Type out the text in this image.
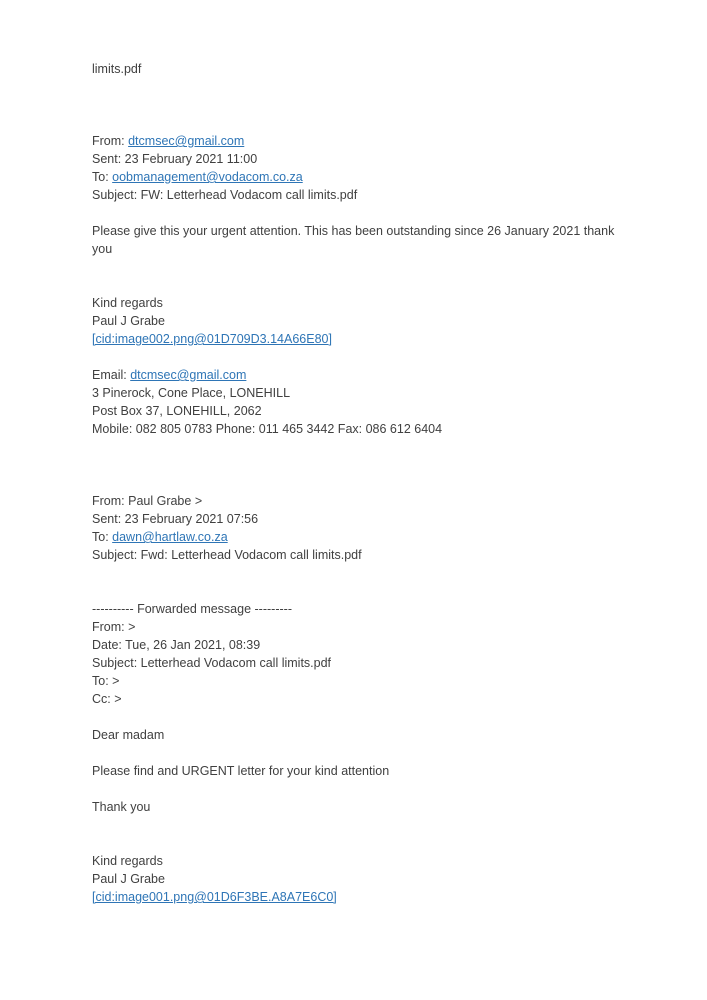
limits.pdf
From: dtcmsec@gmail.com
Sent: 23 February 2021 11:00
To: oobmanagement@vodacom.co.za
Subject: FW: Letterhead Vodacom call limits.pdf
Please give this your urgent attention. This has been outstanding since 26 January 2021 thank
you
Kind regards
Paul J Grabe
[cid:image002.png@01D709D3.14A66E80]
Email: dtcmsec@gmail.com
3 Pinerock, Cone Place, LONEHILL
Post Box 37, LONEHILL, 2062
Mobile: 082 805 0783 Phone: 011 465 3442 Fax: 086 612 6404
From: Paul Grabe >
Sent: 23 February 2021 07:56
To: dawn@hartlaw.co.za
Subject: Fwd: Letterhead Vodacom call limits.pdf
---------- Forwarded message ---------
From: >
Date: Tue, 26 Jan 2021, 08:39
Subject: Letterhead Vodacom call limits.pdf
To: >
Cc: >
Dear madam
Please find and URGENT letter for your kind attention
Thank you
Kind regards
Paul J Grabe
[cid:image001.png@01D6F3BE.A8A7E6C0]
